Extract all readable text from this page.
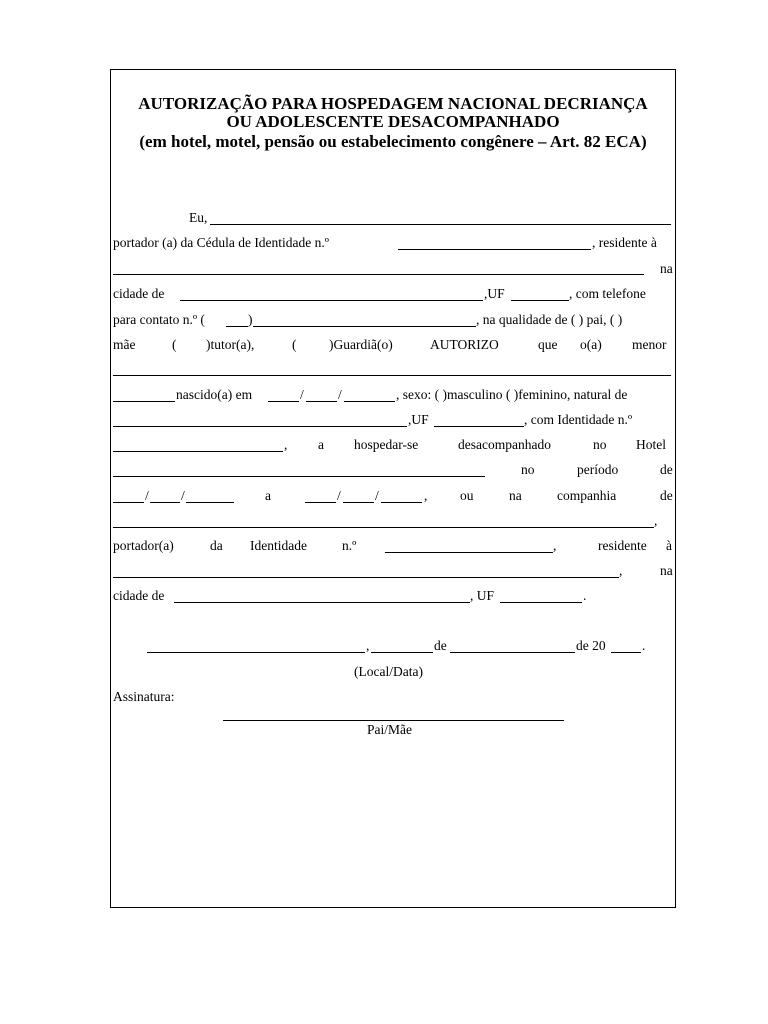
AUTORIZAÇÃO PARA HOSPEDAGEM NACIONAL DECRIANÇA
OU ADOLESCENTE DESACOMPANHADO
(em hotel, motel, pensão ou estabelecimento congênere – Art. 82 ECA)
Eu,
portador (a) da Cédula de Identidade n.º	, residente à
na
cidade de	,UF	, com telefone
para contato n.º (	)	, na qualidade de ( ) pai, ( )
mãe	( )tutor(a),	( )Guardiã(o)	AUTORIZO	que o(a) menor
nascido(a) em	/	/	, sexo: ( )masculino ( )feminino, natural de
,UF	, com Identidade n.º
, a hospedar-se	desacompanhado	no Hotel
no	período	de
/ /	a	/	/	, ou	na	companhia	de
,
portador(a)	da Identidade	n.º	,	residente à
,	na
cidade de	, UF	.
,	de	de 20	.
(Local/Data)
Assinatura:
Pai/Mãe
